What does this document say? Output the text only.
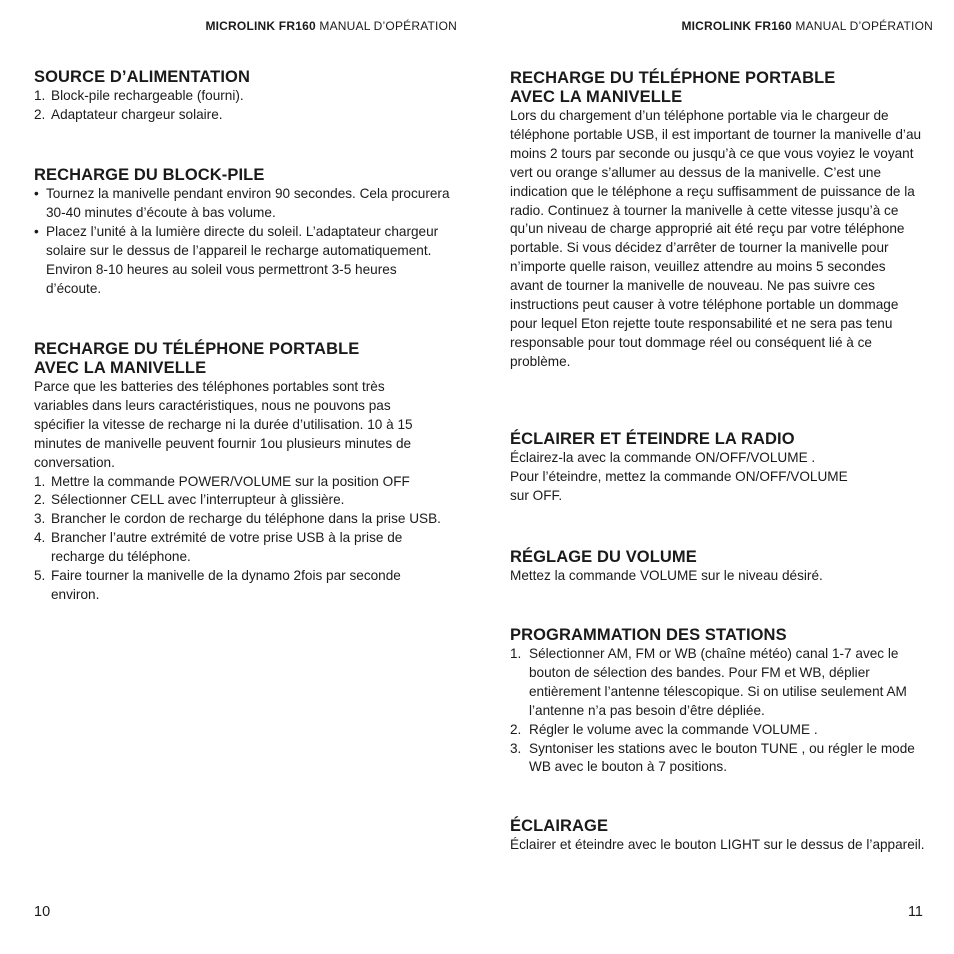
MICROLINK FR160 MANUAL D’OPÉRATION
SOURCE D’ALIMENTATION
1. Block-pile rechargeable (fourni).
2. Adaptateur chargeur solaire.
RECHARGE DU BLOCK-PILE
• Tournez la manivelle pendant environ 90 secondes. Cela procurera 30-40 minutes d’écoute à bas volume.
• Placez l’unité à la lumière directe du soleil. L’adaptateur chargeur solaire sur le dessus de l’appareil le recharge automatiquement. Environ 8-10 heures au soleil vous permettront 3-5 heures d’écoute.
RECHARGE DU TÉLÉPHONE PORTABLE
AVEC LA MANIVELLE

Parce que les batteries des téléphones portables sont très variables dans leurs caractéristiques, nous ne pouvons pas spécifier la vitesse de recharge ni la durée d’utilisation. 10 à 15 minutes de manivelle peuvent fournir 1ou plusieurs minutes de conversation.

1. Mettre la commande POWER/VOLUME sur la position OFF
2. Sélectionner CELL avec l’interrupteur à glissière.
3. Brancher le cordon de recharge du téléphone dans la prise USB.
4. Brancher l’autre extrémité de votre prise USB à la prise de recharge du téléphone.
5. Faire tourner la manivelle de la dynamo 2fois par seconde environ.
10
MICROLINK FR160 MANUAL D’OPÉRATION
RECHARGE DU TÉLÉPHONE PORTABLE
AVEC LA MANIVELLE

Lors du chargement d’un téléphone portable via le chargeur de téléphone portable USB, il est important de tourner la manivelle d’au moins 2 tours par seconde ou jusqu’à ce que vous voyiez le voyant vert ou orange s’allumer au dessus de la manivelle. C’est une indication que le téléphone a reçu suffisamment de puissance de la radio. Continuez à tourner la manivelle à cette vitesse jusqu’à ce qu’un niveau de charge approprié ait été reçu par votre téléphone portable. Si vous décidez d’arrêter de tourner la manivelle pour n’importe quelle raison, veuillez attendre au moins 5 secondes avant de tourner la manivelle de nouveau. Ne pas suivre ces instructions peut causer à votre téléphone portable un dommage pour lequel Eton rejette toute responsabilité et ne sera pas tenu responsable pour tout dommage réel ou conséquent lié à ce problème.

ÉCLAIRER ET ÉTEINDRE LA RADIO

Éclairez-la avec la commande ON/OFF/VOLUME .

Pour l’éteindre, mettez la commande ON/OFF/VOLUME

sur OFF.

RÉGLAGE DU VOLUME

Mettez la commande VOLUME sur le niveau désiré.

PROGRAMMATION DES STATIONS
1. Sélectionner AM, FM or WB (chaîne météo) canal 1-7 avec le bouton de sélection des bandes. Pour FM et WB, déplier entièrement l’antenne télescopique. Si on utilise seulement AM l’antenne n’a pas besoin d’être dépliée.
2. Régler le volume avec la commande VOLUME .
3. Syntoniser les stations avec le bouton TUNE , ou régler le mode WB avec le bouton à 7 positions.
ÉCLAIRAGE

Éclairer et éteindre avec le bouton LIGHT sur le dessus de l’appareil.

11
